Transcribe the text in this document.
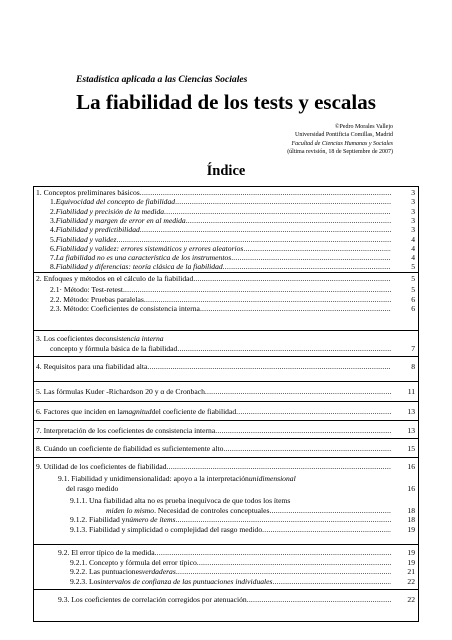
Estadística aplicada a las Ciencias Sociales
La fiabilidad de los tests y escalas
©Pedro Morales Vallejo
Universidad Pontificia Comillas, Madrid
Facultad de Ciencias Humanas y Sociales
(última revisión, 18 de Septiembre de 2007)
Índice
1. Conceptos preliminares básicos .....	3
1. Equivocidad del concepto de fiabilidad .....	3
2. Fiabilidad y precisión de la medida .....	3
3. Fiabilidad y margen de error en al medida .....	3
4. Fiabilidad y predictibilidad .....	3
5. Fiabilidad y validez .....	4
6. Fiabilidad y validez: errores sistemáticos y errores aleatorios .....	4
7. La fiabilidad no es una característica de los instrumentos .....	4
8. Fiabilidad y diferencias: teoría clásica de la fiabilidad .....	5
2. Enfoques y métodos en el cálculo de la fiabilidad .....	5
2.1· Método: Test-retest .....	5
2.2. Método: Pruebas paralelas .....	6
2.3. Método: Coeficientes de consistencia interna .....	6
3. Los coeficientes de consistencia interna
concepto y fórmula básica de la fiabilidad .....	7
4. Requisitos para una fiabilidad alta .....	8
5. Las fórmulas Kuder -Richardson 20 y α de Cronbach .....	11
6. Factores que inciden en la magnitud del coeficiente de fiabilidad .....	13
7. Interpretación de los coeficientes de consistencia interna .....	13
8. Cuándo un coeficiente de fiabilidad es suficientemente alto .....	15
9. Utilidad de los coeficientes de fiabilidad .....	16
9.1. Fiabilidad y unidimensionalidad: apoyo a la interpretación unidimensional
del rasgo medido	16
9.1.1. Una fiabilidad alta no es prueba inequívoca de que todos los ítems
miden lo mismo . Necesidad de controles conceptuales .....	18
9.1.2. Fiabilidad y número de ítems .....	18
9.1.3. Fiabilidad y simplicidad o complejidad del rasgo medido .....	19
9.2. El error típico de la medida .....	19
9.2.1. Concepto y fórmula del error típico .....	19
9.2.2. Las puntuaciones verdaderas .....	21
9.2.3. Los intervalos de confianza de las puntuaciones individuales .....	22
9.3. Los coeficientes de correlación corregidos por atenuación .....	22
